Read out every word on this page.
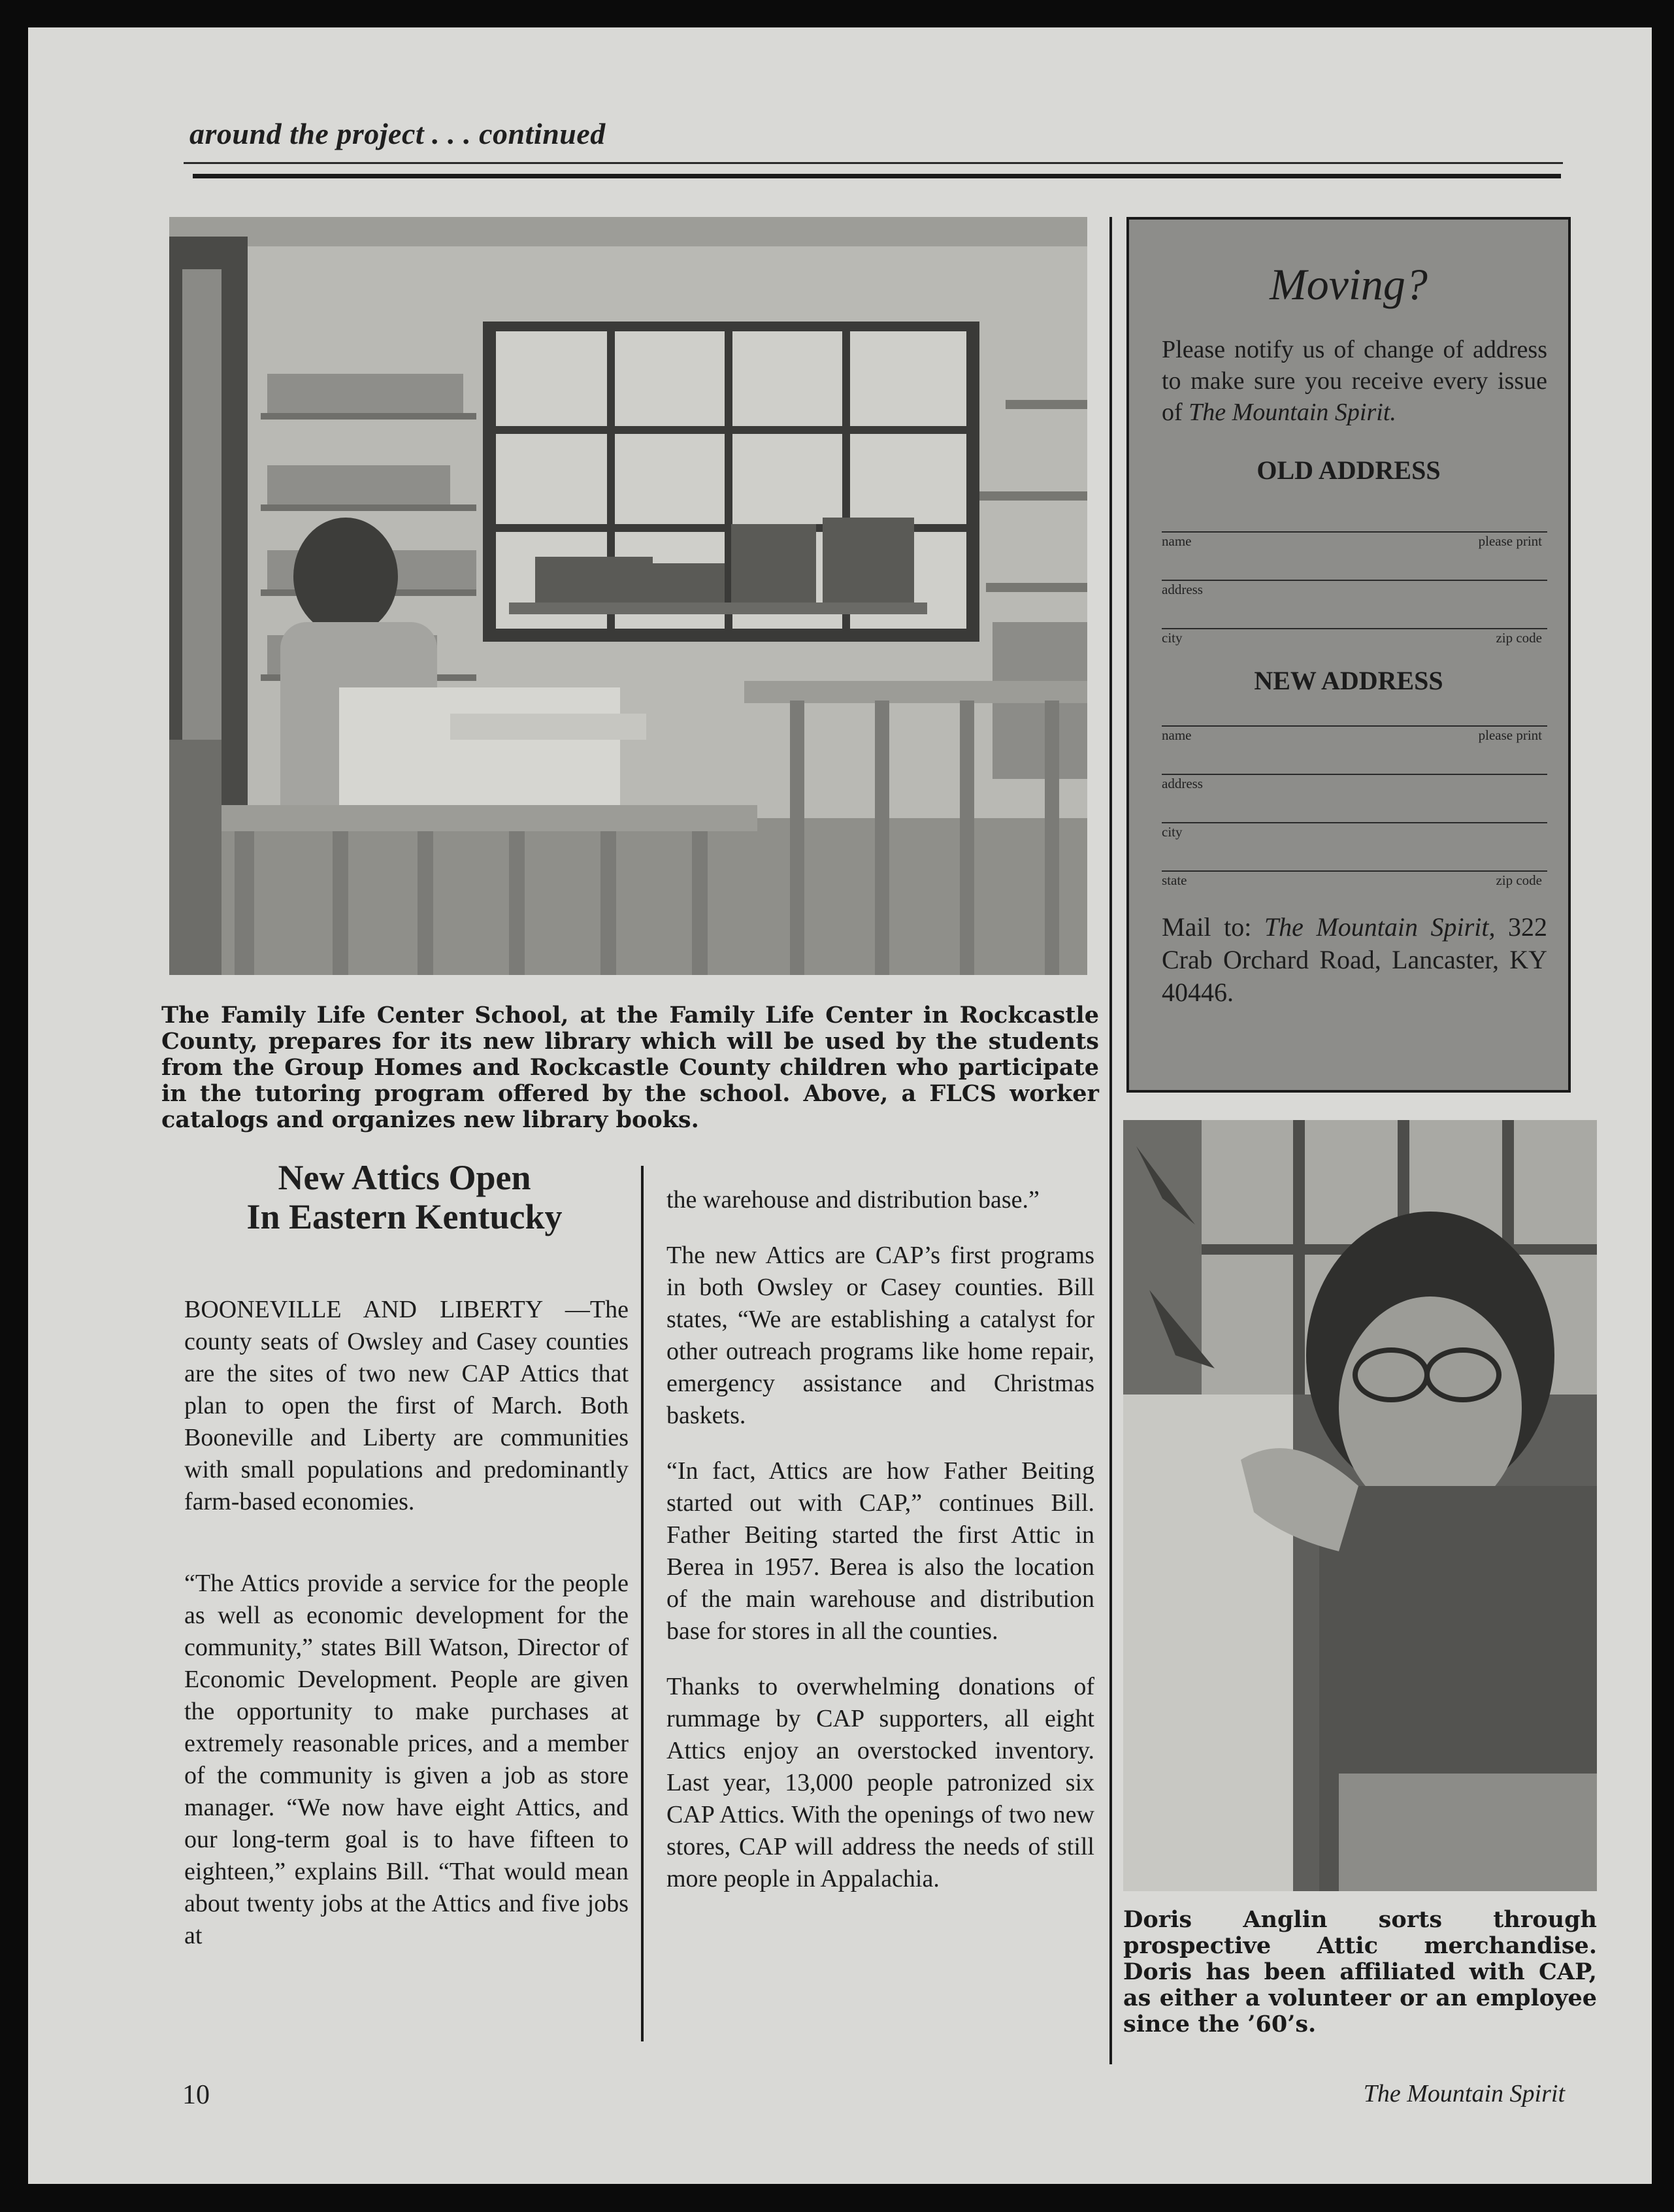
around the project . . . continued
The Family Life Center School, at the Family Life Center in Rockcastle County, prepares for its new library which will be used by the students from the Group Homes and Rockcastle County children who participate in the tutoring program offered by the school. Above, a FLCS worker catalogs and organizes new library books.
Moving?
Please notify us of change of address to make sure you receive every issue of The Mountain Spirit.
OLD ADDRESS
name	please print
address
city	zip code
NEW ADDRESS
name	please print
address
city
state	zip code
Mail to: The Mountain Spirit, 322 Crab Orchard Road, Lancaster, KY 40446.
Doris Anglin sorts through prospective Attic merchandise. Doris has been affiliated with CAP, as either a volunteer or an employee since the ’60’s.
New Attics Open
In Eastern Kentucky

BOONEVILLE AND LIBERTY —The county seats of Owsley and Casey counties are the sites of two new CAP Attics that plan to open the first of March. Both Booneville and Liberty are communities with small populations and predominantly farm-based economies.

“The Attics provide a service for the people as well as economic development for the community,” states Bill Watson, Director of Economic Development. People are given the opportunity to make purchases at extremely reasonable prices, and a member of the community is given a job as store manager. “We now have eight Attics, and our long-term goal is to have fifteen to eighteen,” explains Bill. “That would mean about twenty jobs at the Attics and five jobs at

the warehouse and distribution base.”

The new Attics are CAP’s first programs in both Owsley or Casey counties. Bill states, “We are establishing a catalyst for other outreach programs like home repair, emergency assistance and Christmas baskets.

“In fact, Attics are how Father Beiting started out with CAP,” continues Bill. Father Beiting started the first Attic in Berea in 1957. Berea is also the location of the main warehouse and distribution base for stores in all the counties.

Thanks to overwhelming donations of rummage by CAP supporters, all eight Attics enjoy an overstocked inventory. Last year, 13,000 people patronized six CAP Attics. With the openings of two new stores, CAP will address the needs of still more people in Appalachia.

10	The Mountain Spirit
